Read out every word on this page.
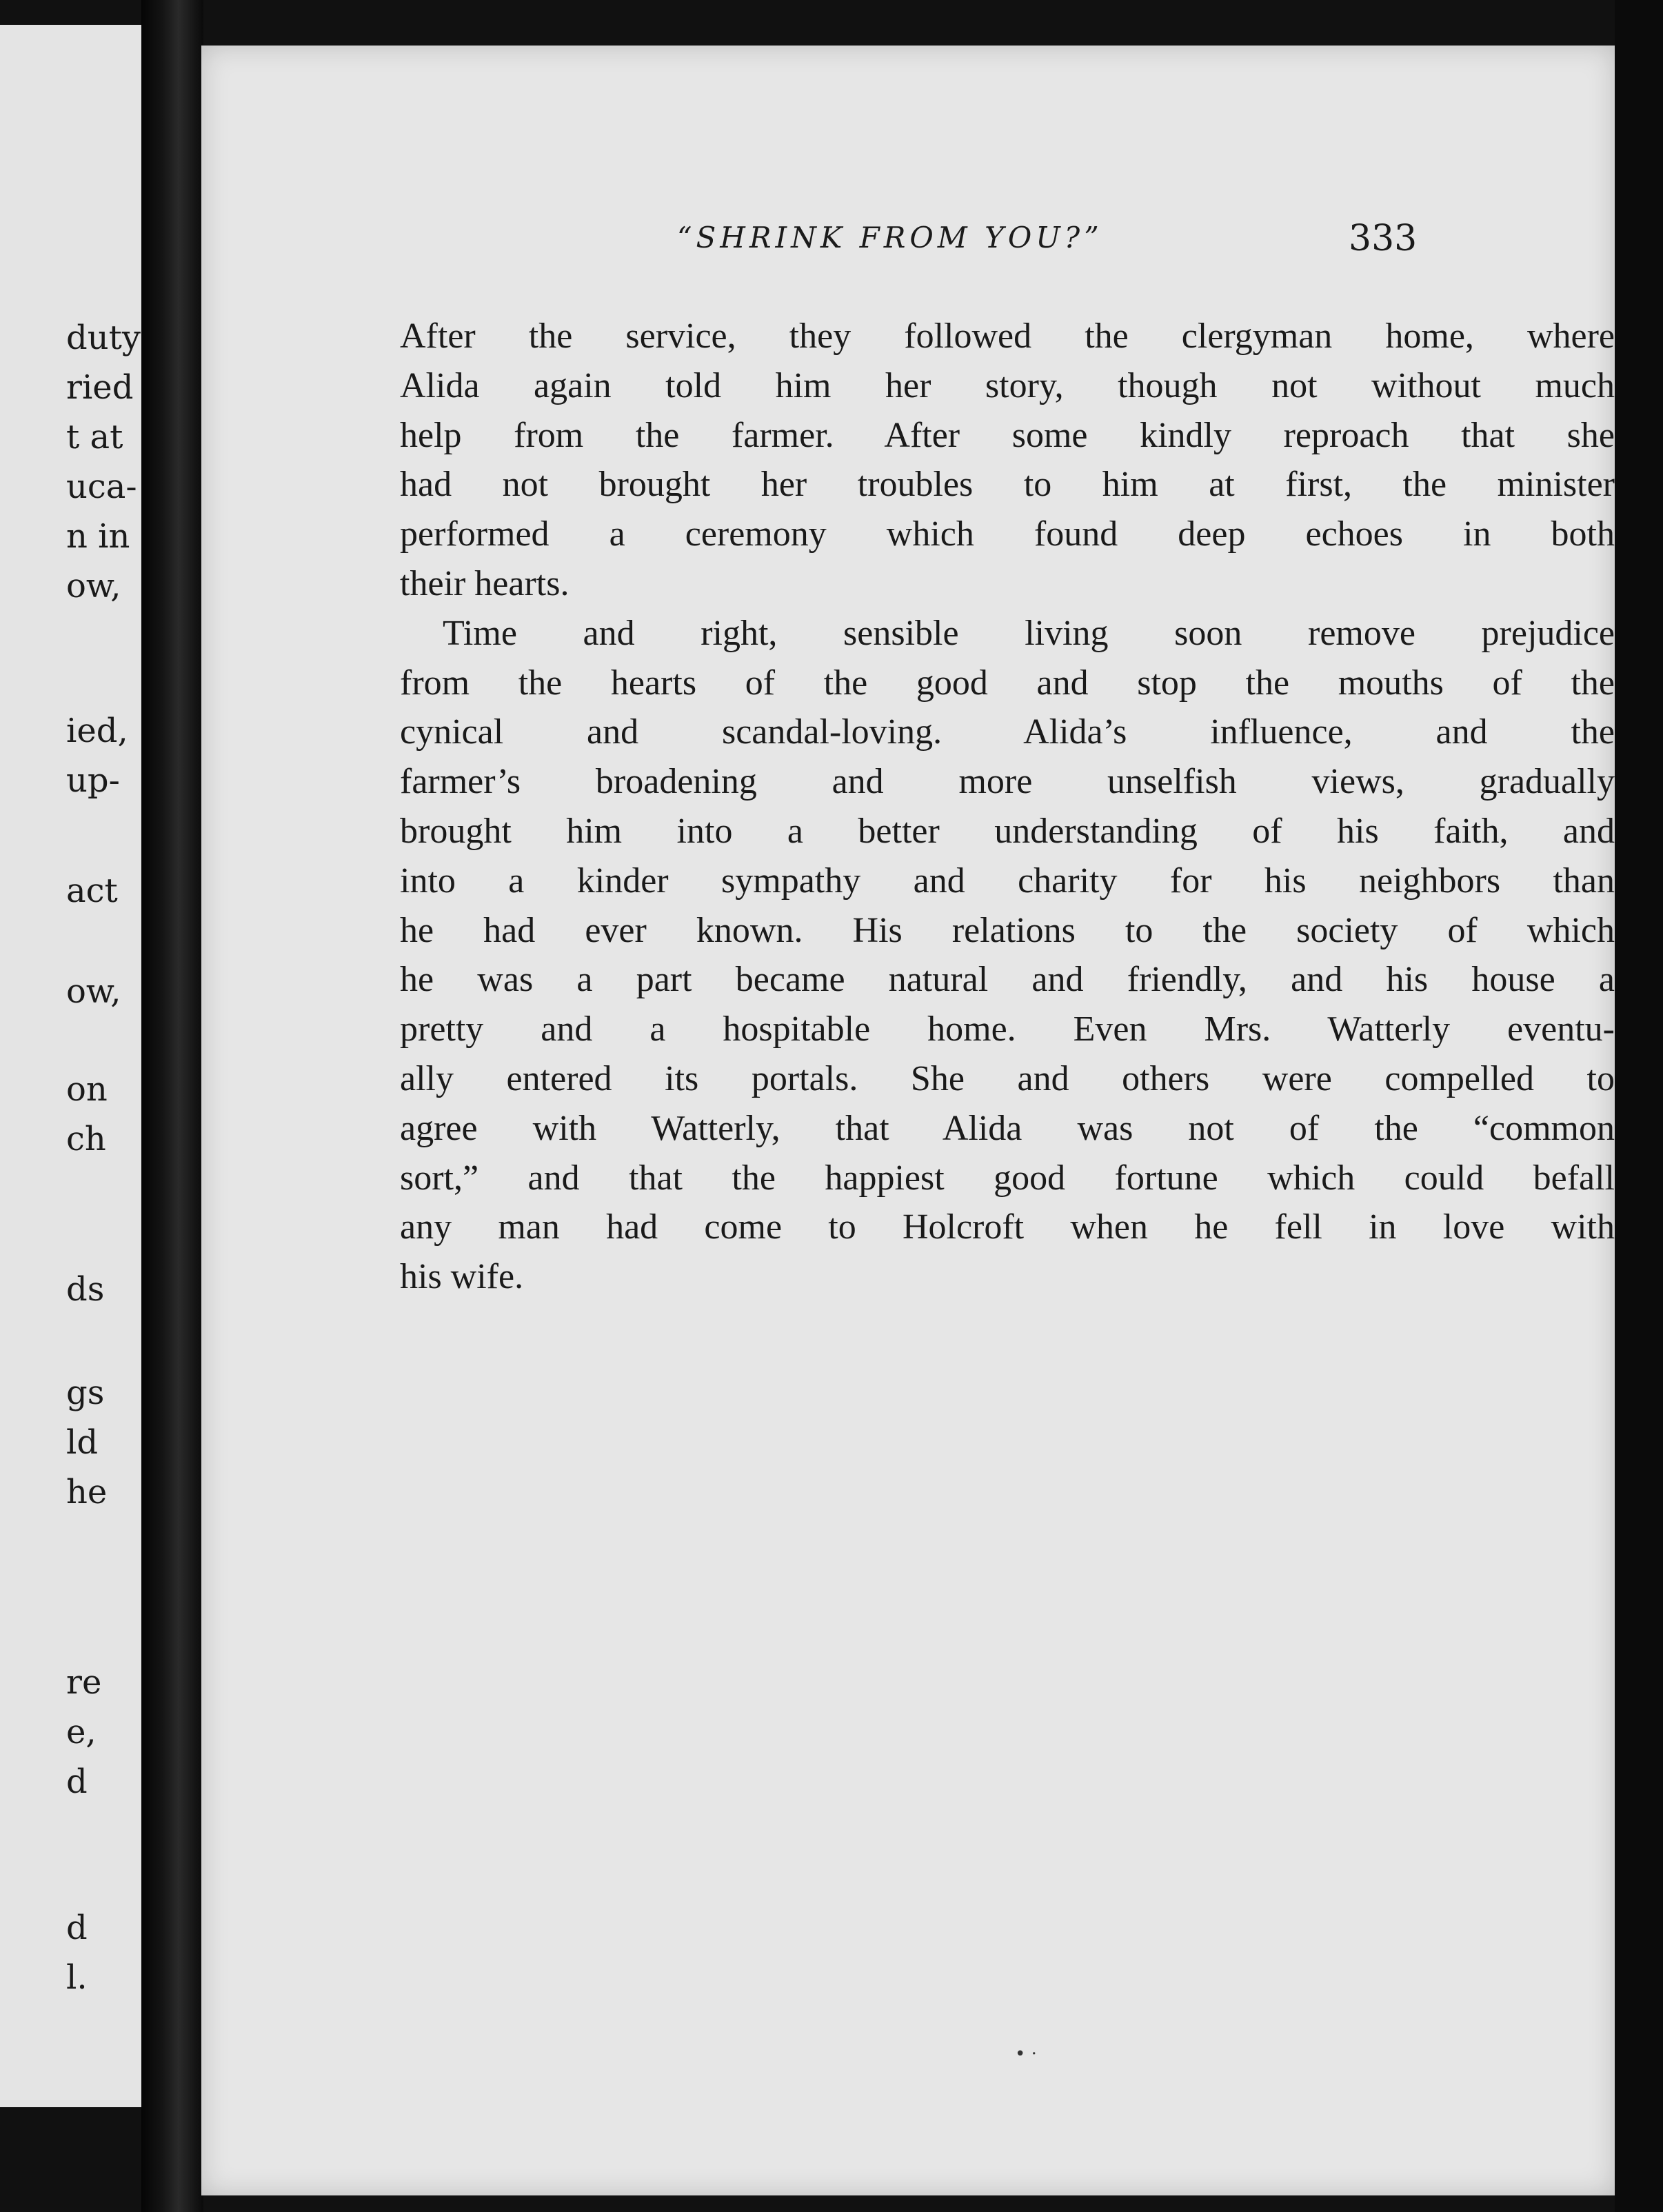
duty
ried
t at
uca-
n in
ow,
ied,
up-
act
ow,
on
ch
ds
gs
ld
he
re
e,
d
d
l.
“SHRINK FROM YOU?”	333
After the service, they followed the clergyman home, where
Alida again told him her story, though not without much
help from the farmer. After some kindly reproach that she
had not brought her troubles to him at first, the minister
performed a ceremony which found deep echoes in both
their hearts.
Time and right, sensible living soon remove prejudice
from the hearts of the good and stop the mouths of the
cynical and scandal-loving. Alida’s influence, and the
farmer’s broadening and more unselfish views, gradually
brought him into a better understanding of his faith, and
into a kinder sympathy and charity for his neighbors than
he had ever known. His relations to the society of which
he was a part became natural and friendly, and his house a
pretty and a hospitable home. Even Mrs. Watterly eventu-
ally entered its portals. She and others were compelled to
agree with Watterly, that Alida was not of the “common
sort,” and that the happiest good fortune which could befall
any man had come to Holcroft when he fell in love with
his wife.
• ·
